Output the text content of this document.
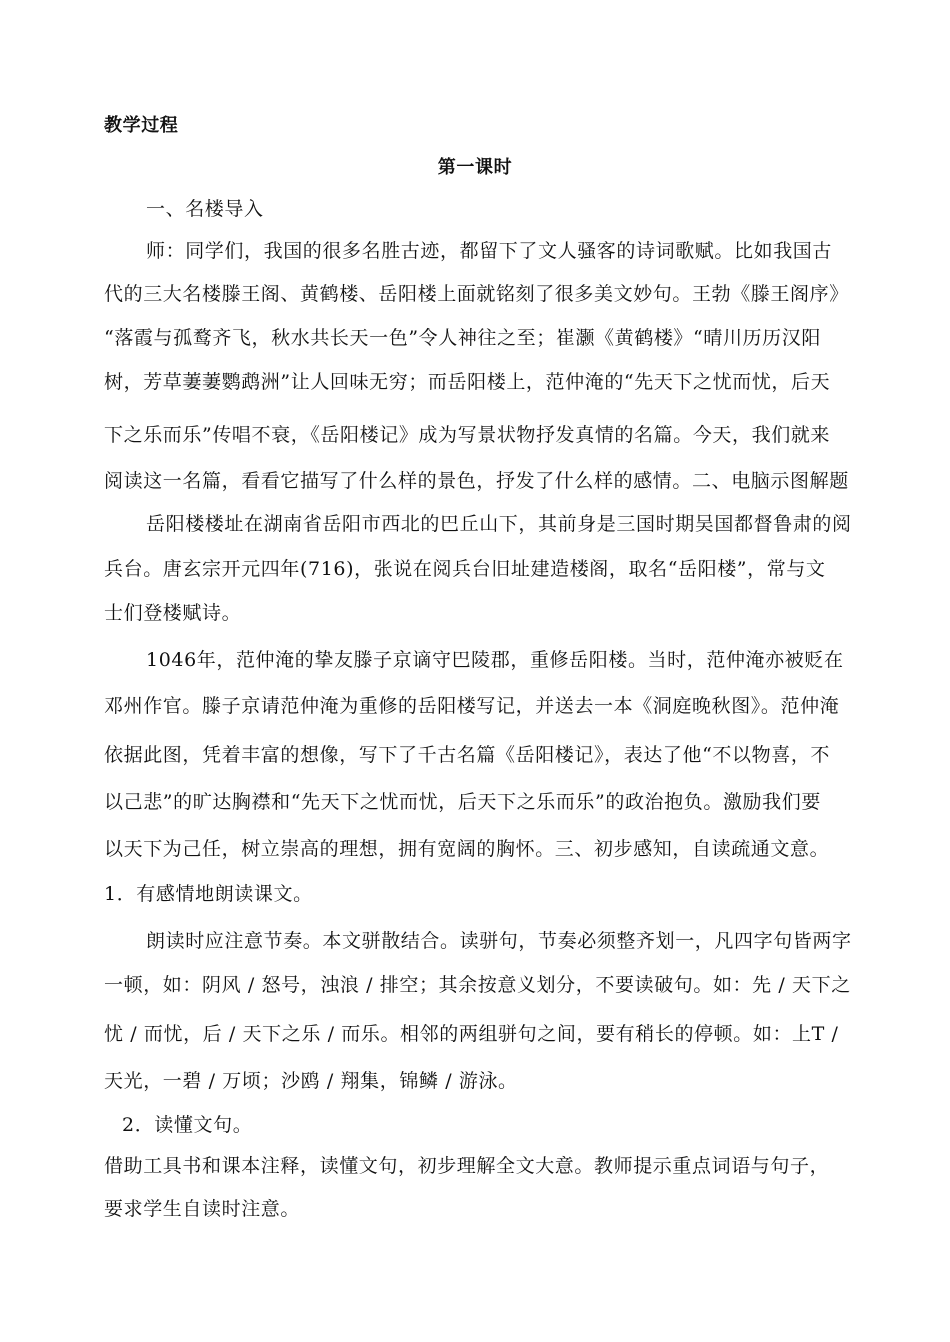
教学过程
第一课时
一、名楼导入
师：同学们，我国的很多名胜古迹，都留下了文人骚客的诗词歌赋。比如我国古
代的三大名楼滕王阁、黄鹤楼、岳阳楼上面就铭刻了很多美文妙句。王勃《滕王阁序》
“落霞与孤鹜齐飞，秋水共长天一色”令人神往之至；崔灏《黄鹤楼》“晴川历历汉阳
树，芳草萋萋鹦鹉洲”让人回味无穷；而岳阳楼上，范仲淹的“先天下之忧而忧，后天
下之乐而乐”传唱不衰，《岳阳楼记》成为写景状物抒发真情的名篇。今天，我们就来
阅读这一名篇，看看它描写了什么样的景色，抒发了什么样的感情。二、电脑示图解题
岳阳楼楼址在湖南省岳阳市西北的巴丘山下，其前身是三国时期吴国都督鲁肃的阅
兵台。唐玄宗开元四年(716)，张说在阅兵台旧址建造楼阁，取名“岳阳楼”，常与文
士们登楼赋诗。
1046年，范仲淹的挚友滕子京谪守巴陵郡，重修岳阳楼。当时，范仲淹亦被贬在
邓州作官。滕子京请范仲淹为重修的岳阳楼写记，并送去一本《洞庭晚秋图》。范仲淹
依据此图，凭着丰富的想像，写下了千古名篇《岳阳楼记》，表达了他“不以物喜，不
以己悲”的旷达胸襟和“先天下之忧而忧，后天下之乐而乐”的政治抱负。激励我们要
以天下为己任，树立崇高的理想，拥有宽阔的胸怀。三、初步感知，自读疏通文意。
1．有感情地朗读课文。
朗读时应注意节奏。本文骈散结合。读骈句，节奏必须整齐划一，凡四字句皆两字
一顿，如：阴风 / 怒号，浊浪 / 排空；其余按意义划分，不要读破句。如：先 / 天下之
忧 / 而忧，后 / 天下之乐 / 而乐。相邻的两组骈句之间，要有稍长的停顿。如：上T /
天光，一碧 / 万顷；沙鸥 / 翔集，锦鳞 / 游泳。
2．读懂文句。
借助工具书和课本注释，读懂文句，初步理解全文大意。教师提示重点词语与句子，
要求学生自读时注意。
